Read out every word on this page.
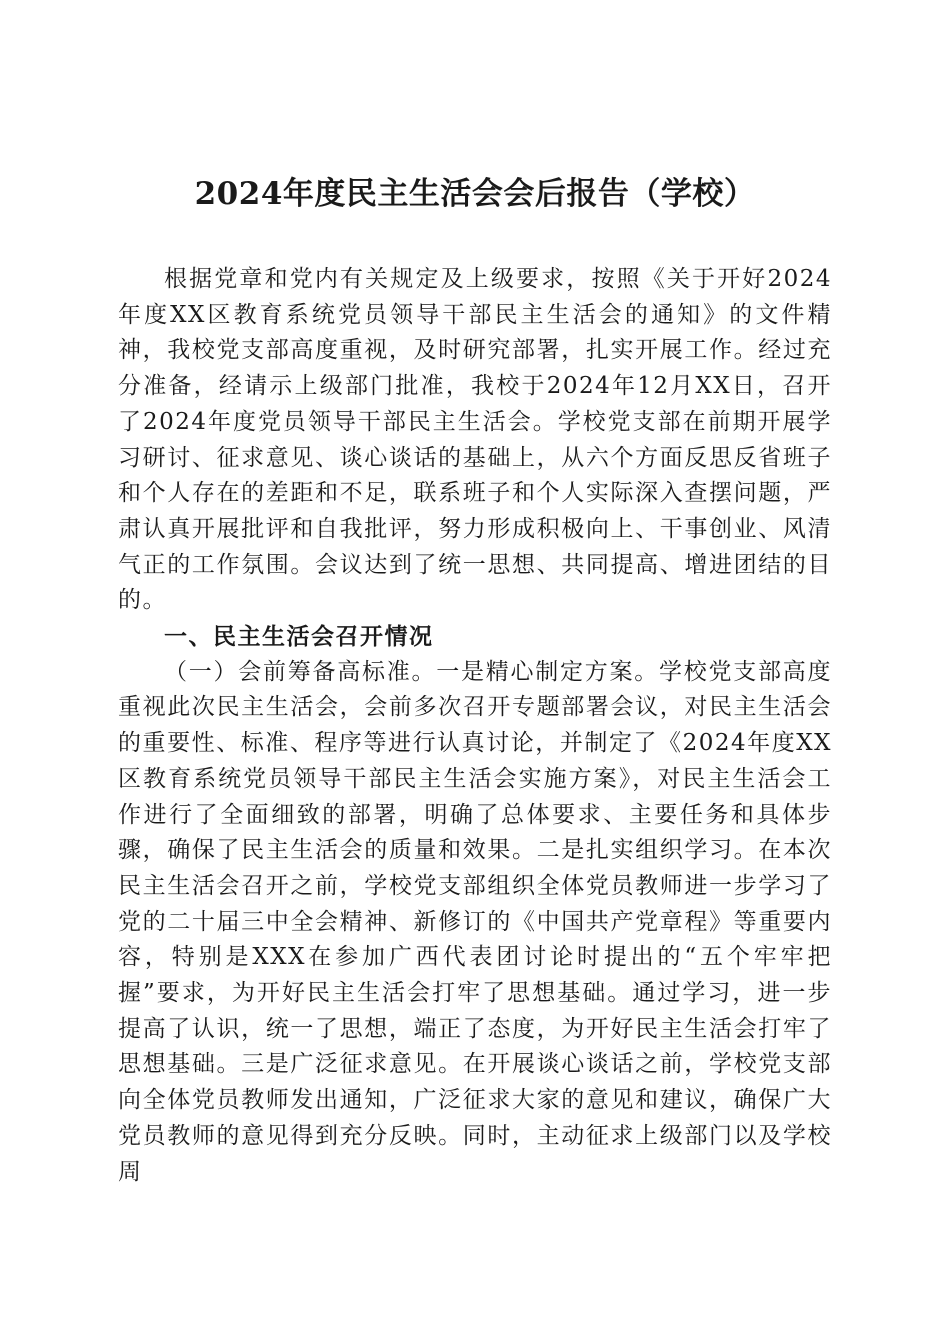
2024年度民主生活会会后报告（学校）

根据党章和党内有关规定及上级要求，按照《关于开好2024年度XX区教育系统党员领导干部民主生活会的通知》的文件精神，我校党支部高度重视，及时研究部署，扎实开展工作。经过充分准备，经请示上级部门批准，我校于2024年12月XX日，召开了2024年度党员领导干部民主生活会。学校党支部在前期开展学习研讨、征求意见、谈心谈话的基础上，从六个方面反思反省班子和个人存在的差距和不足，联系班子和个人实际深入查摆问题，严肃认真开展批评和自我批评，努力形成积极向上、干事创业、风清气正的工作氛围。会议达到了统一思想、共同提高、增进团结的目的。

一、民主生活会召开情况

（一）会前筹备高标准。一是精心制定方案。学校党支部高度重视此次民主生活会，会前多次召开专题部署会议，对民主生活会的重要性、标准、程序等进行认真讨论，并制定了《2024年度XX区教育系统党员领导干部民主生活会实施方案》，对民主生活会工作进行了全面细致的部署，明确了总体要求、主要任务和具体步骤，确保了民主生活会的质量和效果。二是扎实组织学习。在本次民主生活会召开之前，学校党支部组织全体党员教师进一步学习了党的二十届三中全会精神、新修订的《中国共产党章程》等重要内容，特别是XXX在参加广西代表团讨论时提出的“五个牢牢把握”要求，为开好民主生活会打牢了思想基础。通过学习，进一步提高了认识，统一了思想，端正了态度，为开好民主生活会打牢了思想基础。三是广泛征求意见。在开展谈心谈话之前，学校党支部向全体党员教师发出通知，广泛征求大家的意见和建议，确保广大党员教师的意见得到充分反映。同时，主动征求上级部门以及学校周
